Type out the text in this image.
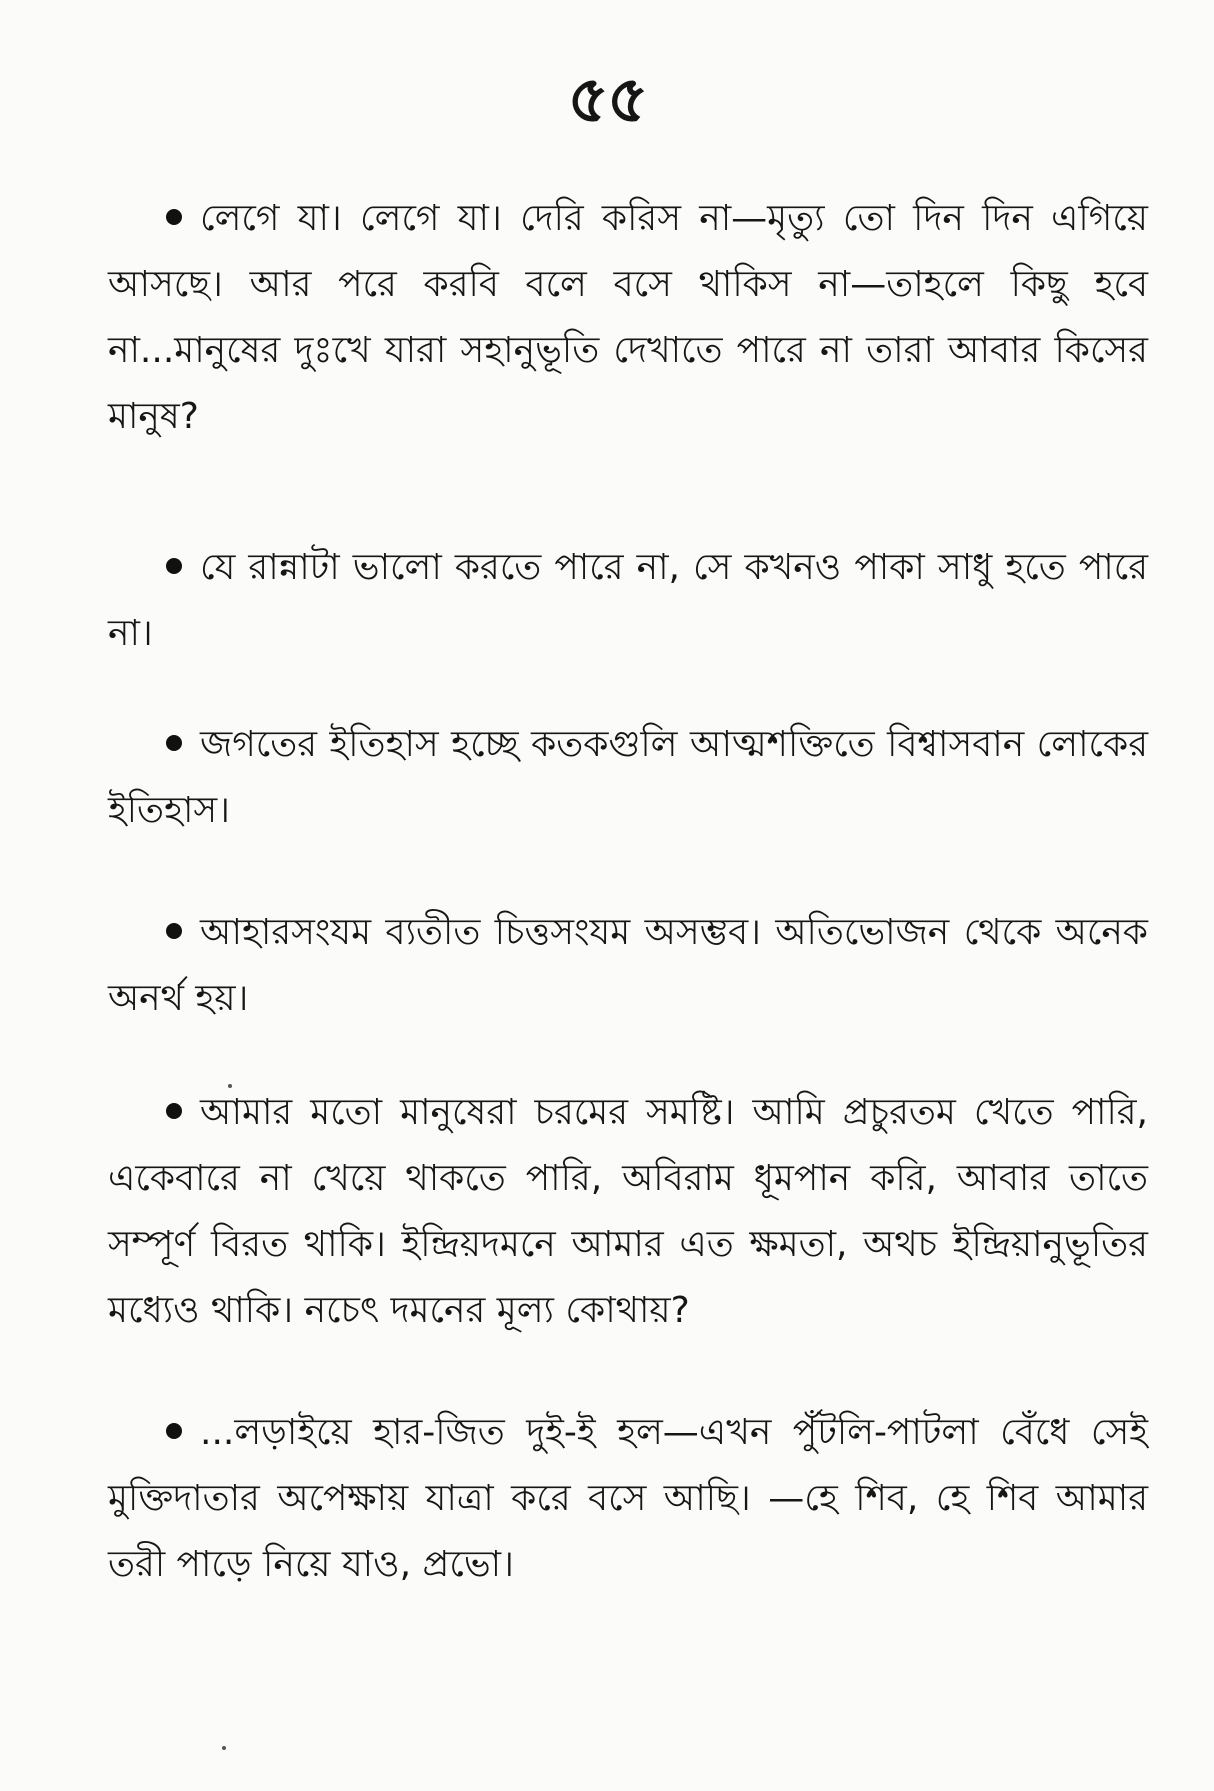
৫৫

লেগে যা। লেগে যা। দেরি করিস না—মৃত্যু তো দিন দিন এগিয়ে আসছে। আর পরে করবি বলে বসে থাকিস না—তাহলে কিছু হবে না...মানুষের দুঃখে যারা সহানুভূতি দেখাতে পারে না তারা আবার কিসের মানুষ?

যে রান্নাটা ভালো করতে পারে না, সে কখনও পাকা সাধু হতে পারে না।

জগতের ইতিহাস হচ্ছে কতকগুলি আত্মশক্তিতে বিশ্বাসবান লোকের ইতিহাস।

আহারসংযম ব্যতীত চিত্তসংযম অসম্ভব। অতিভোজন থেকে অনেক অনর্থ হয়।

আমার মতো মানুষেরা চরমের সমষ্টি। আমি প্রচুরতম খেতে পারি, একেবারে না খেয়ে থাকতে পারি, অবিরাম ধূমপান করি, আবার তাতে সম্পূর্ণ বিরত থাকি। ইন্দ্রিয়দমনে আমার এত ক্ষমতা, অথচ ইন্দ্রিয়ানুভূতির মধ্যেও থাকি। নচেৎ দমনের মূল্য কোথায়?

...লড়াইয়ে হার-জিত দুই-ই হল—এখন পুঁটলি-পাটলা বেঁধে সেই মুক্তিদাতার অপেক্ষায় যাত্রা করে বসে আছি। —হে শিব, হে শিব আমার তরী পাড়ে নিয়ে যাও, প্রভো।
